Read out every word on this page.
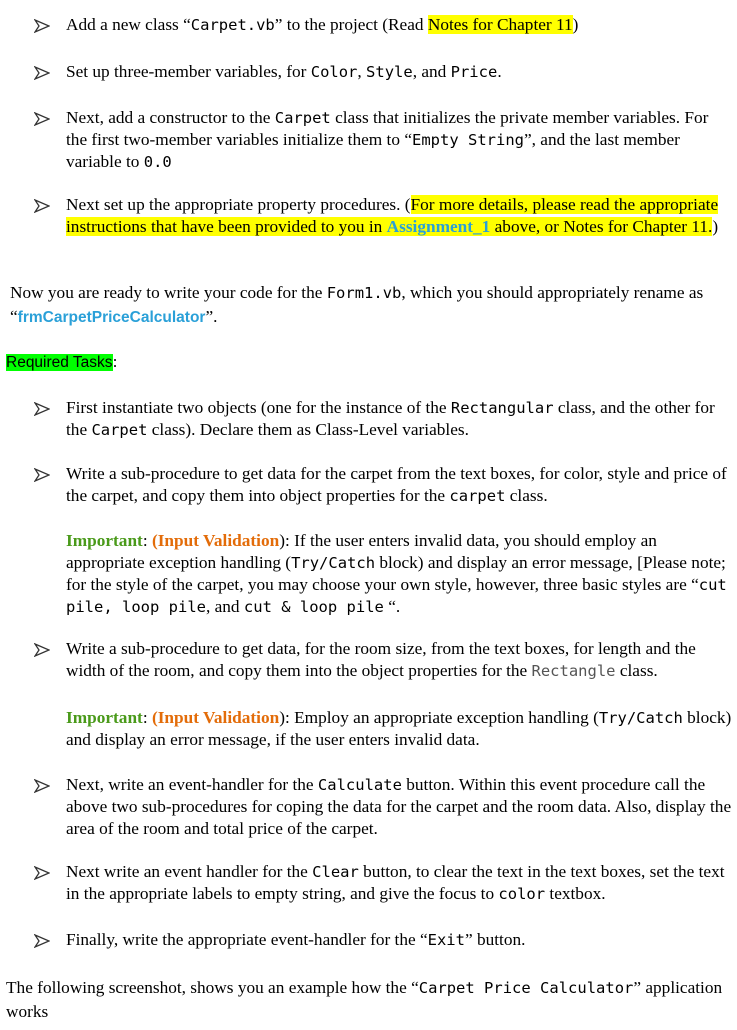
Add a new class “Carpet.vb” to the project (Read Notes for Chapter 11)

Set up three-member variables, for Color, Style, and Price.

Next, add a constructor to the Carpet class that initializes the private member variables. For the first two-member variables initialize them to “Empty String”, and the last member variable to 0.0

Next set up the appropriate property procedures. (For more details, please read the appropriate instructions that have been provided to you in Assignment_1 above, or Notes for Chapter 11.)

Now you are ready to write your code for the Form1.vb, which you should appropriately rename as “frmCarpetPriceCalculator”.

Required Tasks:

First instantiate two objects (one for the instance of the Rectangular class, and the other for the Carpet class). Declare them as Class-Level variables.

Write a sub-procedure to get data for the carpet from the text boxes, for color, style and price of the carpet, and copy them into object properties for the carpet class.

Important: (Input Validation): If the user enters invalid data, you should employ an appropriate exception handling (Try/Catch block) and display an error message, [Please note; for the style of the carpet, you may choose your own style, however, three basic styles are “cut pile, loop pile, and cut & loop pile “.

Write a sub-procedure to get data, for the room size, from the text boxes, for length and the width of the room, and copy them into the object properties for the Rectangle class.

Important: (Input Validation): Employ an appropriate exception handling (Try/Catch block) and display an error message, if the user enters invalid data.

Next, write an event-handler for the Calculate button. Within this event procedure call the above two sub-procedures for coping the data for the carpet and the room data. Also, display the area of the room and total price of the carpet.

Next write an event handler for the Clear button, to clear the text in the text boxes, set the text in the appropriate labels to empty string, and give the focus to color textbox.

Finally, write the appropriate event-handler for the “Exit” button.

The following screenshot, shows you an example how the “Carpet Price Calculator” application works
